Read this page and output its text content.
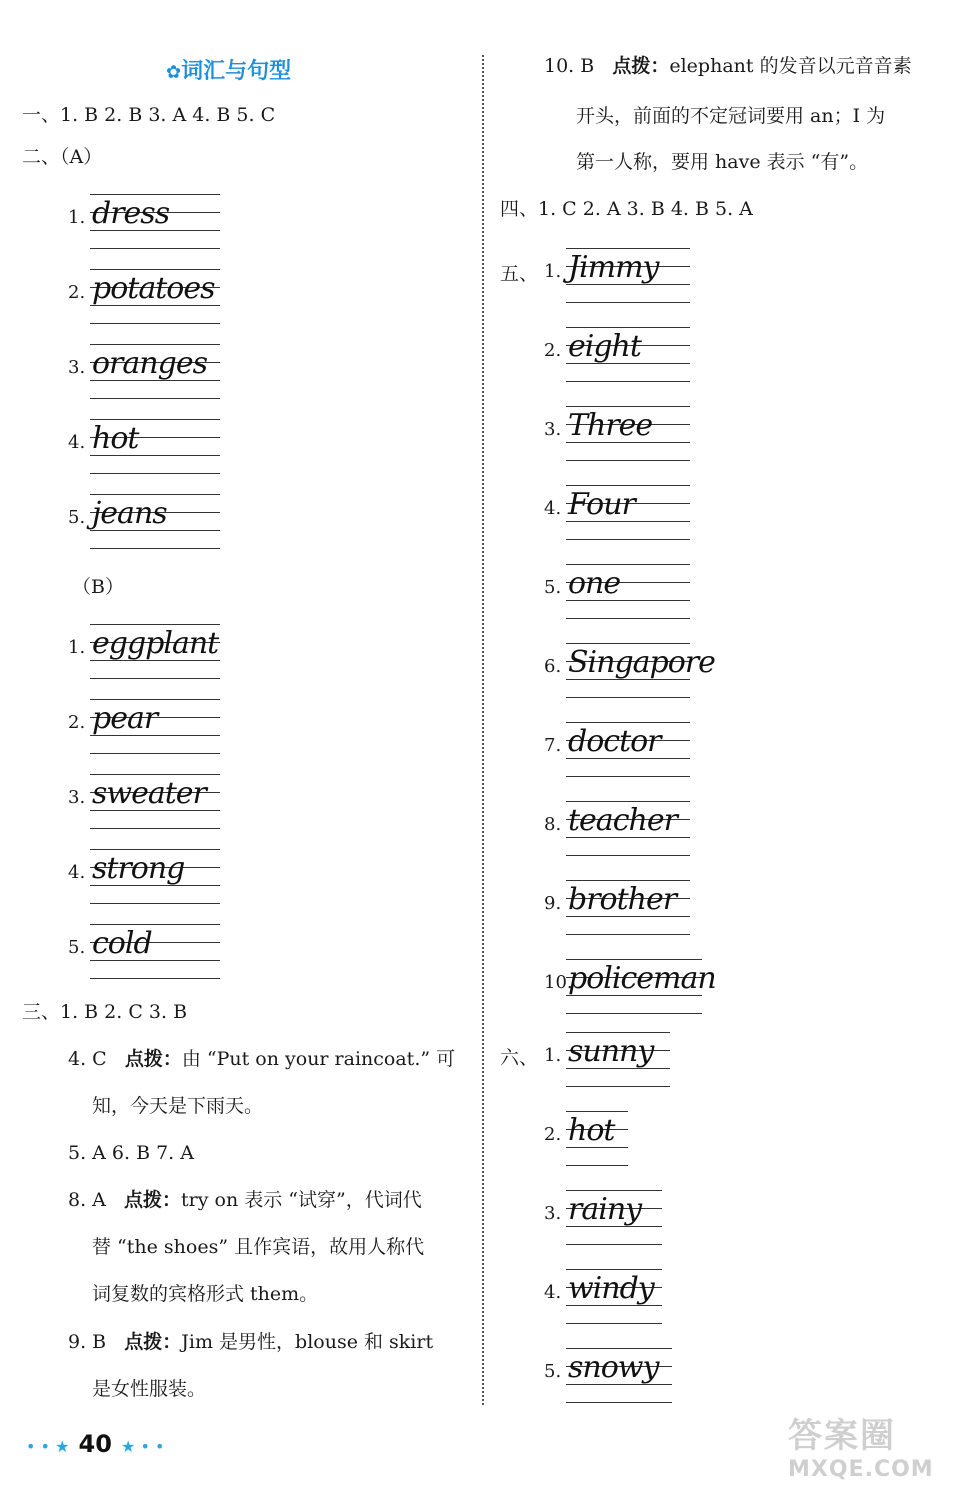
✿词汇与句型
一、1. B 2. B 3. A 4. B 5. C
二、（A）
1. dress
2. potatoes
3. oranges
4. hot
5. jeans
（B）
1. eggplant
2. pear
3. sweater
4. strong
5. cold
三、1. B 2. C 3. B
4. C 点拨：由 “Put on your raincoat.” 可
知，今天是下雨天。
5. A 6. B 7. A
8. A 点拨：try on 表示 “试穿”，代词代
替 “the shoes” 且作宾语，故用人称代
词复数的宾格形式 them。
9. B 点拨：Jim 是男性，blouse 和 skirt
是女性服装。
10. B 点拨：elephant 的发音以元音音素
开头，前面的不定冠词要用 an；I 为
第一人称，要用 have 表示 “有”。
四、1. C 2. A 3. B 4. B 5. A
五、 1. Jimmy
2. eight
3. Three
4. Four
5. one
6. Singapore
7. doctor
8. teacher
9. brother
10.
policeman
六、 1. sunny
2. hot
3. rainy
4. windy
5. snowy
• • ★ 40 ★ • •	答案圈
MXQE.COM
